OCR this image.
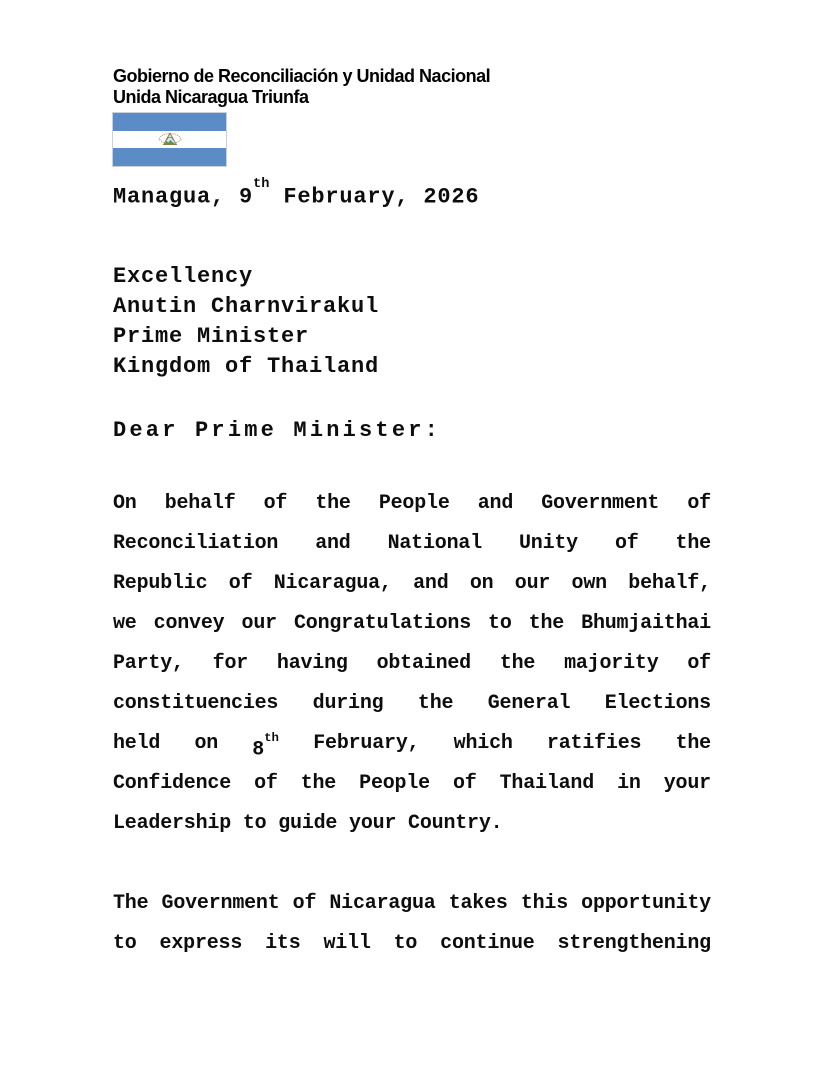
Gobierno de Reconciliación y Unidad Nacional
Unida Nicaragua Triunfa
Managua, 9th February, 2026
Excellency
Anutin Charnvirakul
Prime Minister
Kingdom of Thailand
Dear Prime Minister:
On behalf of the People and Government of
Reconciliation and National Unity of the
Republic of Nicaragua, and on our own behalf,
we convey our Congratulations to the Bhumjaithai
Party, for having obtained the majority of
constituencies during the General Elections
held on 8th February, which ratifies the
Confidence of the People of Thailand in your
Leadership to guide your Country.
The Government of Nicaragua takes this opportunity
to express its will to continue strengthening
